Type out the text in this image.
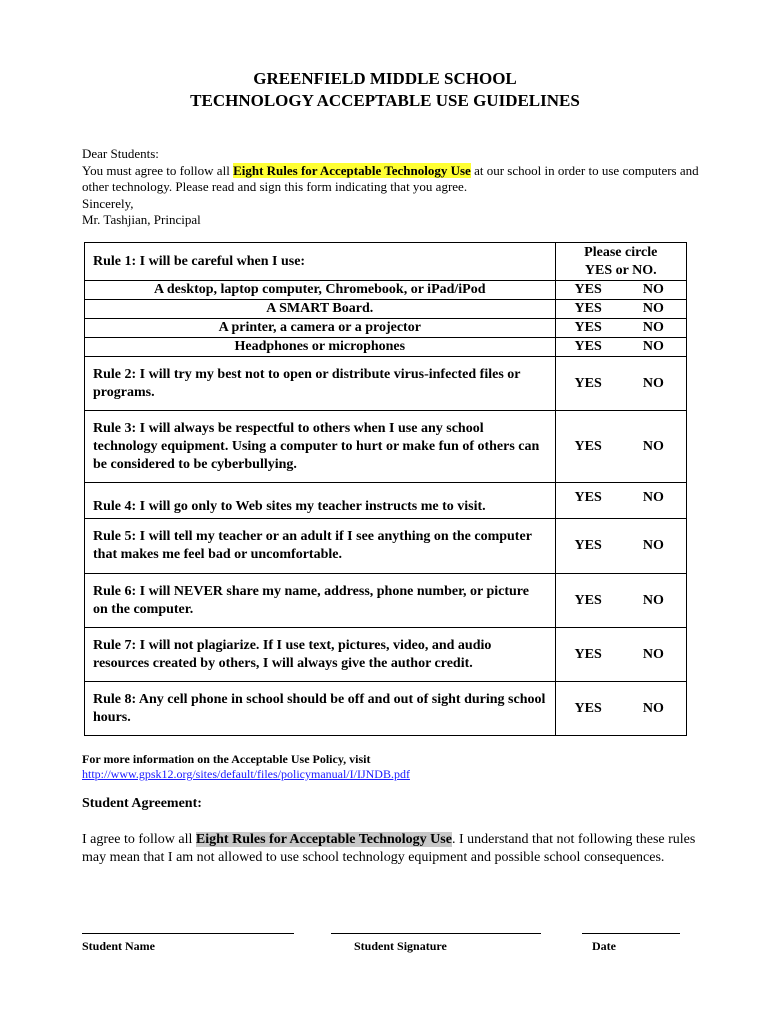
GREENFIELD MIDDLE SCHOOL
TECHNOLOGY ACCEPTABLE USE GUIDELINES
Dear Students:
You must agree to follow all Eight Rules for Acceptable Technology Use at our school in order to use computers and other technology. Please read and sign this form indicating that you agree.
Sincerely,
Mr. Tashjian, Principal
Rule 1: I will be careful when I use:	Please circle
YES or NO.	

A desktop, laptop computer, Chromebook, or iPad/iPod	YES	NO
A SMART Board.	YES	NO
A printer, a camera or a projector	YES	NO
Headphones or microphones	YES	NO
Rule 2: I will try my best not to open or distribute virus-infected files or programs.	YES	NO
Rule 3: I will always be respectful to others when I use any school technology equipment. Using a computer to hurt or make fun of others can be considered to be cyberbullying.	YES	NO
Rule 4: I will go only to Web sites my teacher instructs me to visit.	YES	NO
Rule 5: I will tell my teacher or an adult if I see anything on the computer that makes me feel bad or uncomfortable.	YES	NO
Rule 6: I will NEVER share my name, address, phone number, or picture on the computer.	YES	NO
Rule 7: I will not plagiarize. If I use text, pictures, video, and audio resources created by others, I will always give the author credit.	YES	NO
Rule 8: Any cell phone in school should be off and out of sight during school hours.	YES	NO
For more information on the Acceptable Use Policy, visit
http://www.gpsk12.org/sites/default/files/policymanual/I/IJNDB.pdf
Student Agreement:
I agree to follow all Eight Rules for Acceptable Technology Use. I understand that not following these rules may mean that I am not allowed to use school technology equipment and possible school consequences.
Student Name	Student Signature	Date
